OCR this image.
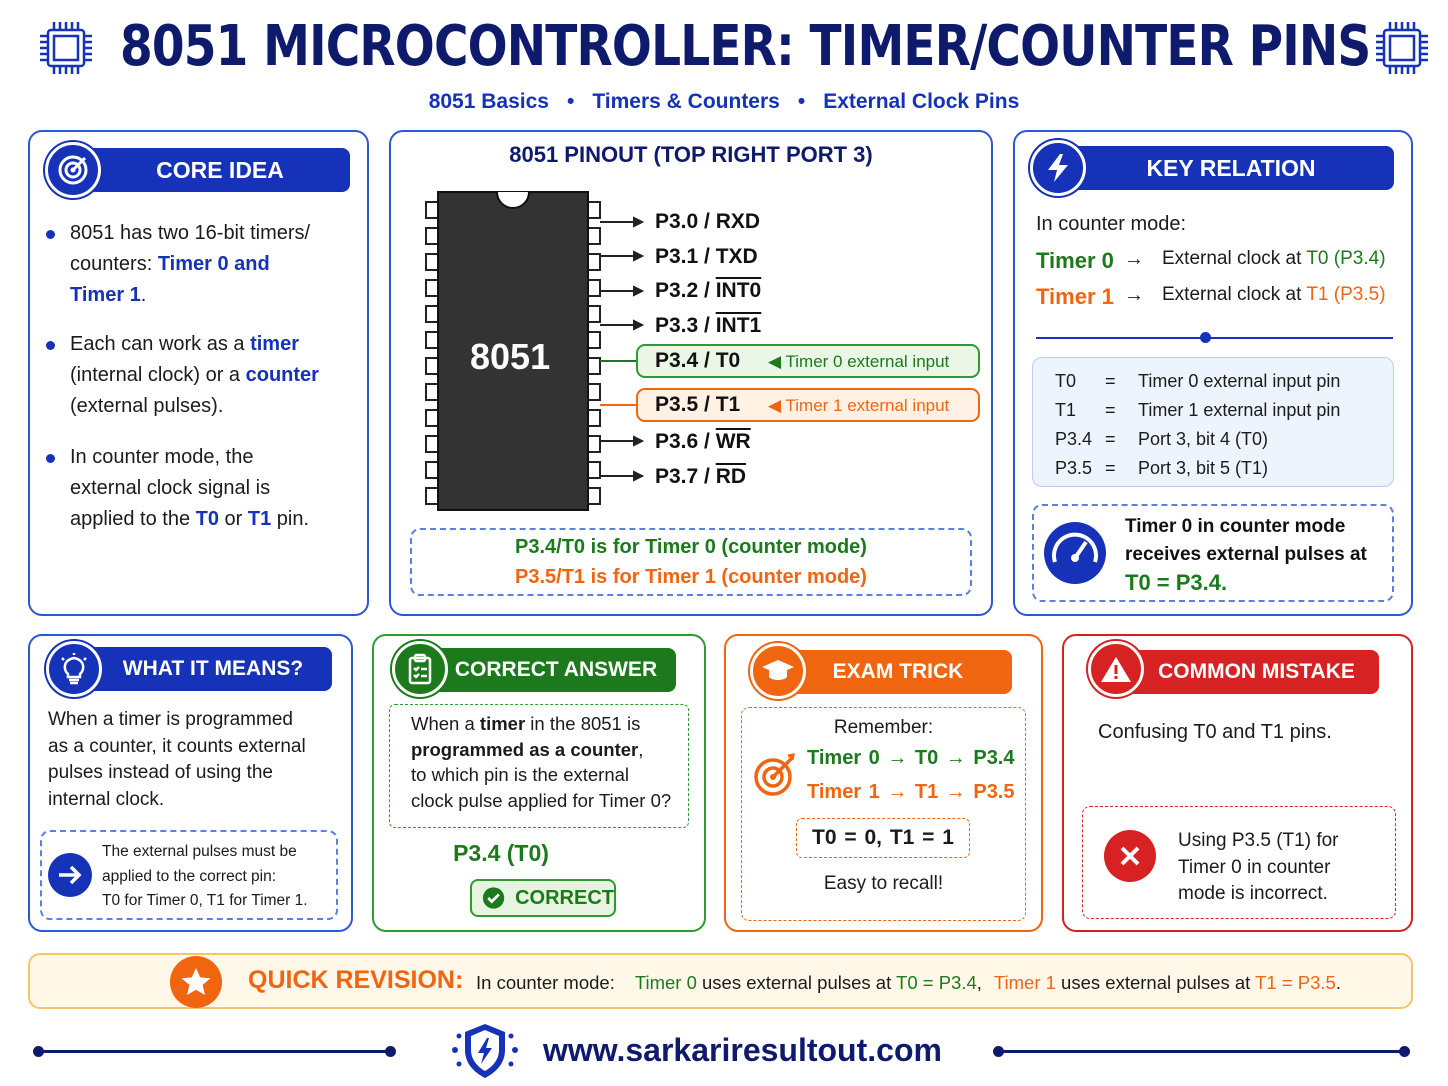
8051 MICROCONTROLLER: TIMER/COUNTER PINS
8051 Basics • Timers & Counters • External Clock Pins
CORE IDEA
8051 has two 16-bit timers/
counters: Timer 0 and
Timer 1.
Each can work as a timer
(internal clock) or a counter
(external pulses).
In counter mode, the
external clock signal is
applied to the T0 or T1 pin.
8051 PINOUT (TOP RIGHT PORT 3)
8051
P3.0 / RXD
P3.1 / TXD
P3.2 / INT0
P3.3 / INT1
P3.4 / T0 ◀ Timer 0 external input
P3.5 / T1 ◀ Timer 1 external input
$P3.6 / \overline{WR}$
$P3.7 / \overline{RD}$
P3.4/T0 is for Timer 0 (counter mode)
P3.5/T1 is for Timer 1 (counter mode)
KEY RELATION
In counter mode:
Timer 0 → External clock at T0 (P3.4)
Timer 1 → External clock at T1 (P3.5)
T0 = Timer 0 external input pin
T1 = Timer 1 external input pin
P3.4 = Port 3, bit 4 (T0)
P3.5 = Port 3, bit 5 (T1)
Timer 0 in counter mode
receives external pulses at
T0 = P3.4.
WHAT IT MEANS?
When a timer is programmed
as a counter, it counts external
pulses instead of using the
internal clock.
The external pulses must be
applied to the correct pin:
T0 for Timer 0, T1 for Timer 1.
CORRECT ANSWER
When a timer in the 8051 is
programmed as a counter,
to which pin is the external
clock pulse applied for Timer 0?
P3.4 (T0)
CORRECT
EXAM TRICK
Remember:
Timer 0 → T0 → P3.4
Timer 1 → T1 → P3.5
T0 = 0, T1 = 1
Easy to recall!
COMMON MISTAKE
Confusing T0 and T1 pins.
Using P3.5 (T1) for
Timer 0 in counter
mode is incorrect.
QUICK REVISION: In counter mode: Timer 0 uses external pulses at T0 = P3.4, Timer 1 uses external pulses at T1 = P3.5.
www.sarkariresultout.com
